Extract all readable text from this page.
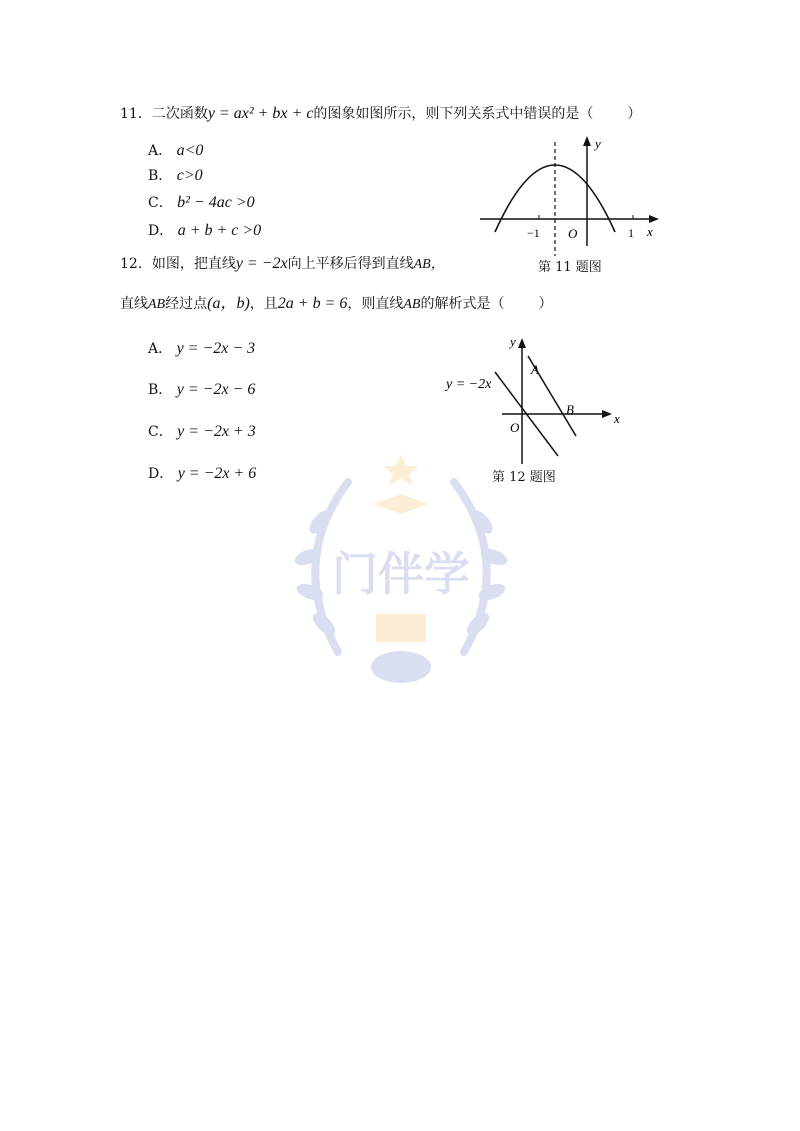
11．二次函数y = ax² + bx + c的图象如图所示，则下列关系式中错误的是（ ）
A． a<0
B． c>0
C． b² − 4ac >0
D． a + b + c >0	−1 O	1 x
y
第 11 题图
12．如图，把直线y = −2x向上平移后得到直线AB，
直线AB经过点(a，b)，且2a + b = 6，则直线AB的解析式是（ ）
A． y = −2x − 3
B． y = −2x − 6
C． y = −2x + 3
D． y = −2x + 6
y
A
y = −2x
B
x
O
第 12 题图
门伴学
